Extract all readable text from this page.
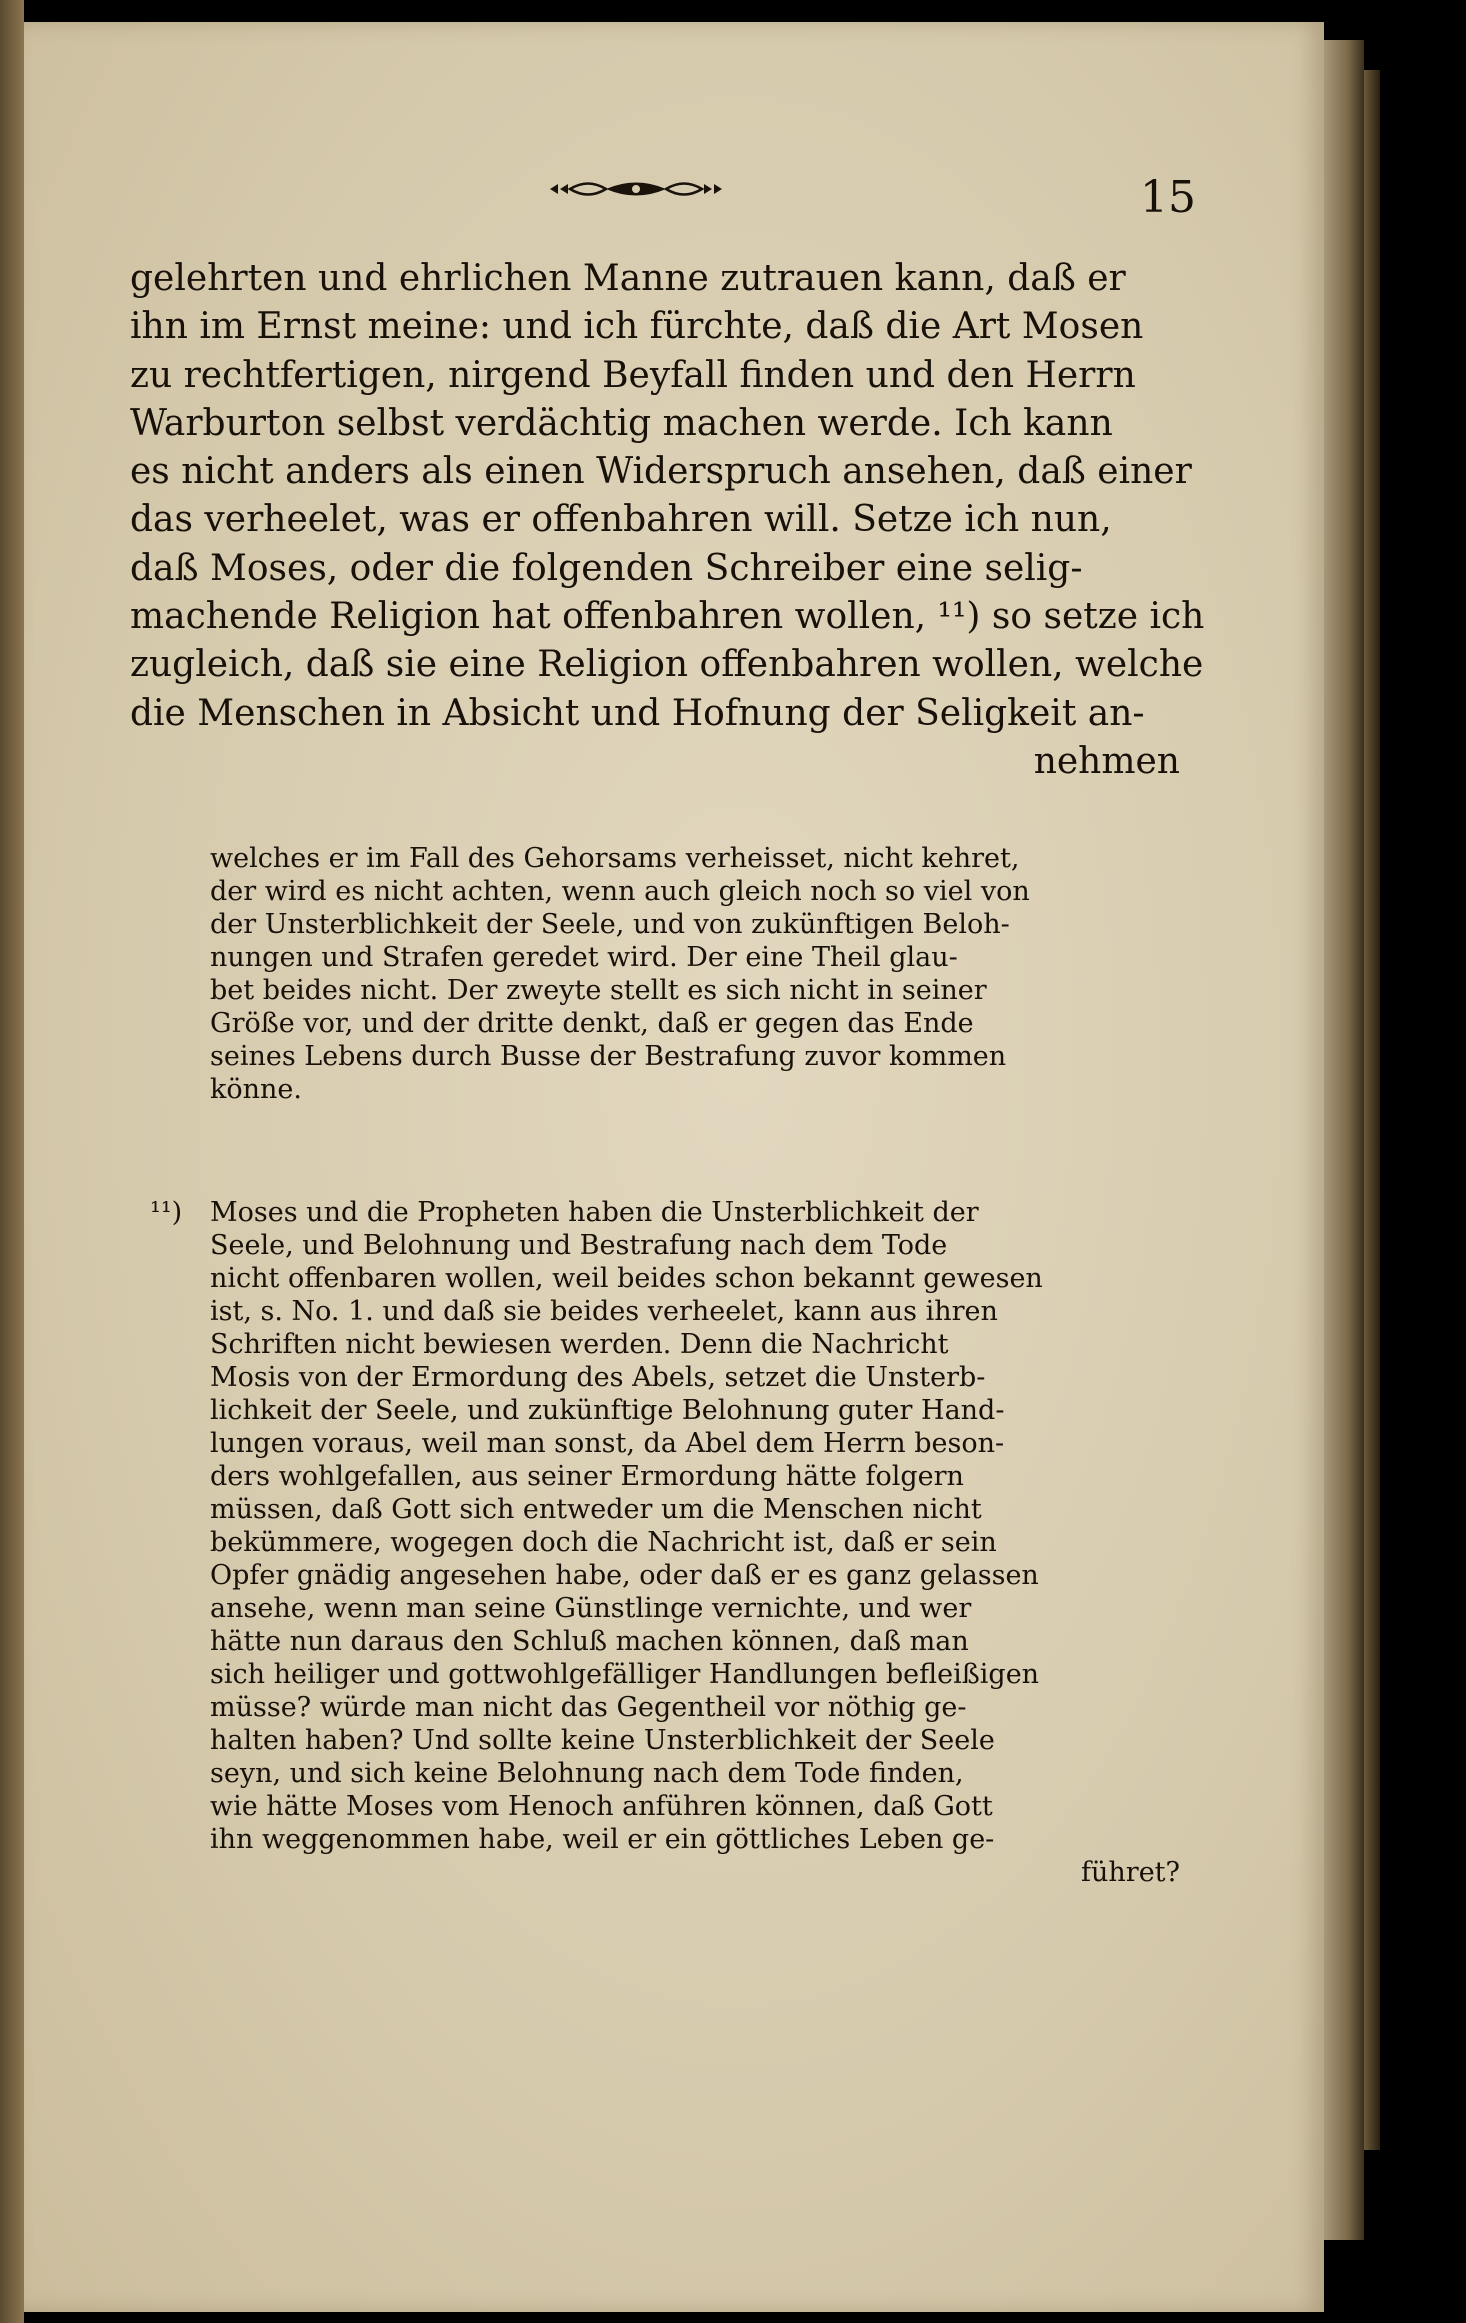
15
gelehrten und ehrlichen Manne zutrauen kann, daß er
ihn im Ernst meine: und ich fürchte, daß die Art Mosen
zu rechtfertigen, nirgend Beyfall finden und den Herrn
Warburton selbst verdächtig machen werde. Ich kann
es nicht anders als einen Widerspruch ansehen, daß einer
das verheelet, was er offenbahren will. Setze ich nun,
daß Moses, oder die folgenden Schreiber eine selig-
machende Religion hat offenbahren wollen, ¹¹) so setze ich
zugleich, daß sie eine Religion offenbahren wollen, welche
die Menschen in Absicht und Hofnung der Seligkeit an-
nehmen
welches er im Fall des Gehorsams verheisset, nicht kehret,
der wird es nicht achten, wenn auch gleich noch so viel von
der Unsterblichkeit der Seele, und von zukünftigen Beloh-
nungen und Strafen geredet wird. Der eine Theil glau-
bet beides nicht. Der zweyte stellt es sich nicht in seiner
Größe vor, und der dritte denkt, daß er gegen das Ende
seines Lebens durch Busse der Bestrafung zuvor kommen
könne.
¹¹) Moses und die Propheten haben die Unsterblichkeit der
Seele, und Belohnung und Bestrafung nach dem Tode
nicht offenbaren wollen, weil beides schon bekannt gewesen
ist, s. No. 1. und daß sie beides verheelet, kann aus ihren
Schriften nicht bewiesen werden. Denn die Nachricht
Mosis von der Ermordung des Abels, setzet die Unsterb-
lichkeit der Seele, und zukünftige Belohnung guter Hand-
lungen voraus, weil man sonst, da Abel dem Herrn beson-
ders wohlgefallen, aus seiner Ermordung hätte folgern
müssen, daß Gott sich entweder um die Menschen nicht
bekümmere, wogegen doch die Nachricht ist, daß er sein
Opfer gnädig angesehen habe, oder daß er es ganz gelassen
ansehe, wenn man seine Günstlinge vernichte, und wer
hätte nun daraus den Schluß machen können, daß man
sich heiliger und gottwohlgefälliger Handlungen befleißigen
müsse? würde man nicht das Gegentheil vor nöthig ge-
halten haben? Und sollte keine Unsterblichkeit der Seele
seyn, und sich keine Belohnung nach dem Tode finden,
wie hätte Moses vom Henoch anführen können, daß Gott
ihn weggenommen habe, weil er ein göttliches Leben ge-
führet?
